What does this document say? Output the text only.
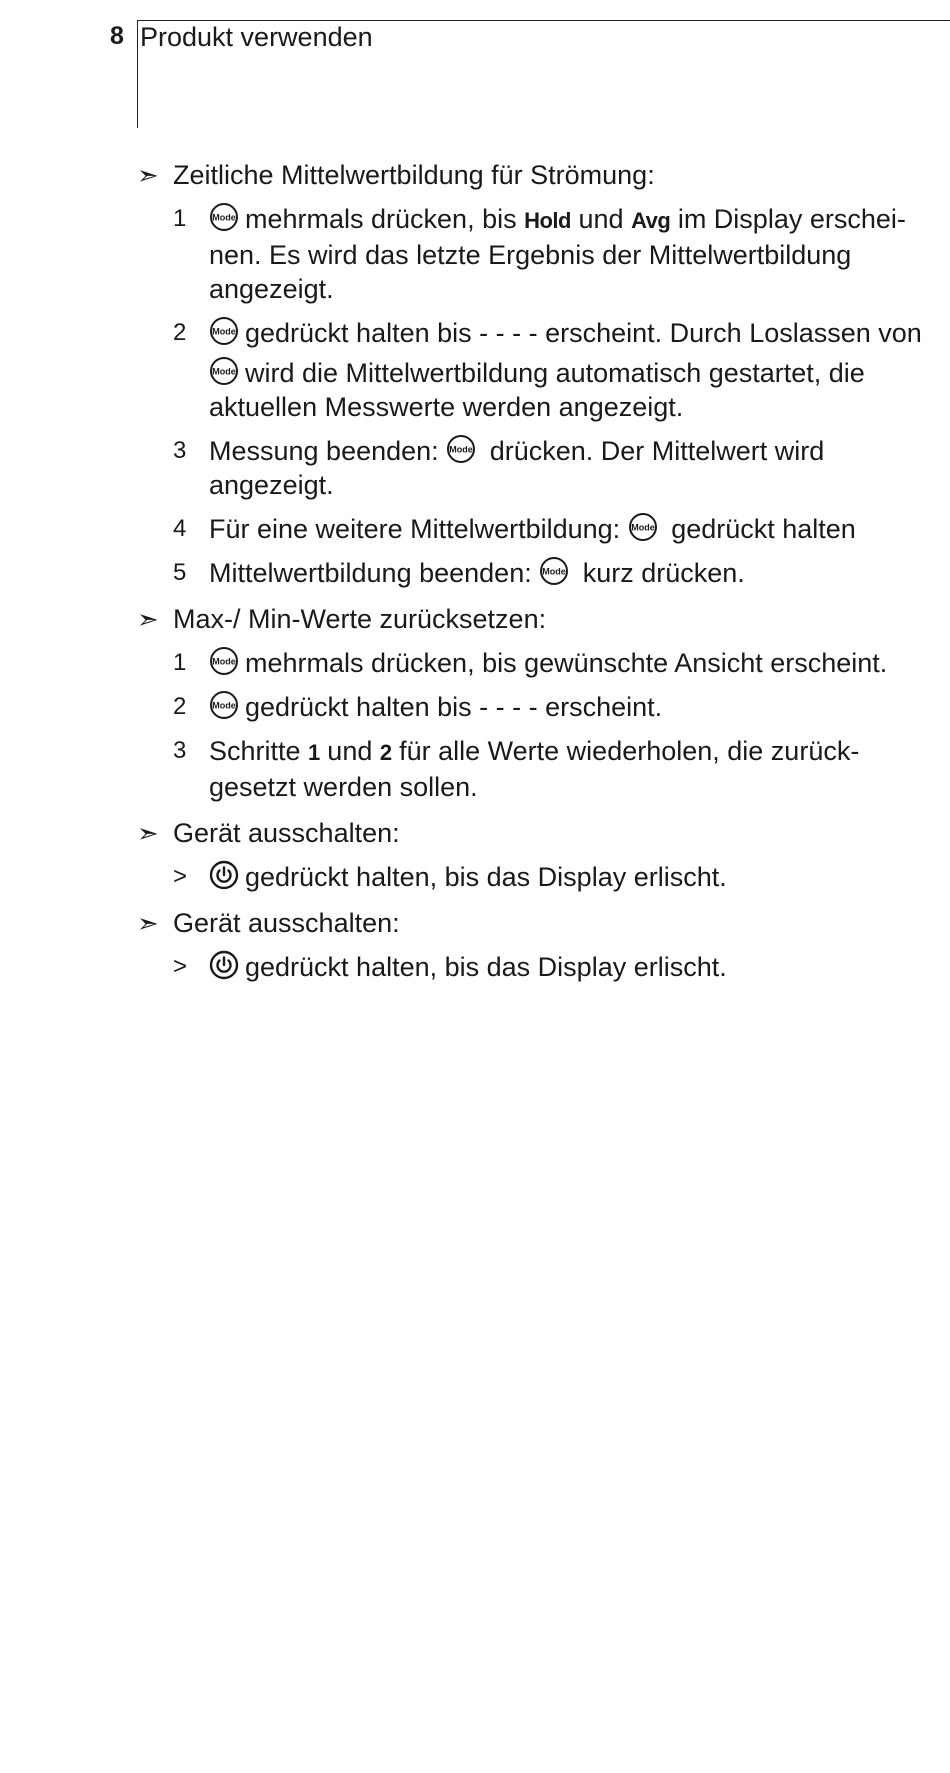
8 Produkt verwenden
➣ Zeitliche Mittelwertbildung für Strömung:
1	Mode mehrmals drücken, bis Hold und Avg im Display erschei-nen. Es wird das letzte Ergebnis der Mittelwertbildung angezeigt.
2	Mode gedrückt halten bis - - - - erscheint. Durch Loslassen von
Mode wird die Mittelwertbildung automatisch gestartet, die aktuellen Messwerte werden angezeigt.
3 Messung beenden: Mode drücken. Der Mittelwert wird angezeigt.
4 Für eine weitere Mittelwertbildung: Mode gedrückt halten
5 Mittelwertbildung beenden: Mode kurz drücken.
➣ Max-/ Min-Werte zurücksetzen:
1	Mode mehrmals drücken, bis gewünschte Ansicht erscheint.
2	Mode gedrückt halten bis - - - - erscheint.
3 Schritte 1 und 2 für alle Werte wiederholen, die zurück-gesetzt werden sollen.
➣ Gerät ausschalten:
>	gedrückt halten, bis das Display erlischt.
➣ Gerät ausschalten:
>	gedrückt halten, bis das Display erlischt.
